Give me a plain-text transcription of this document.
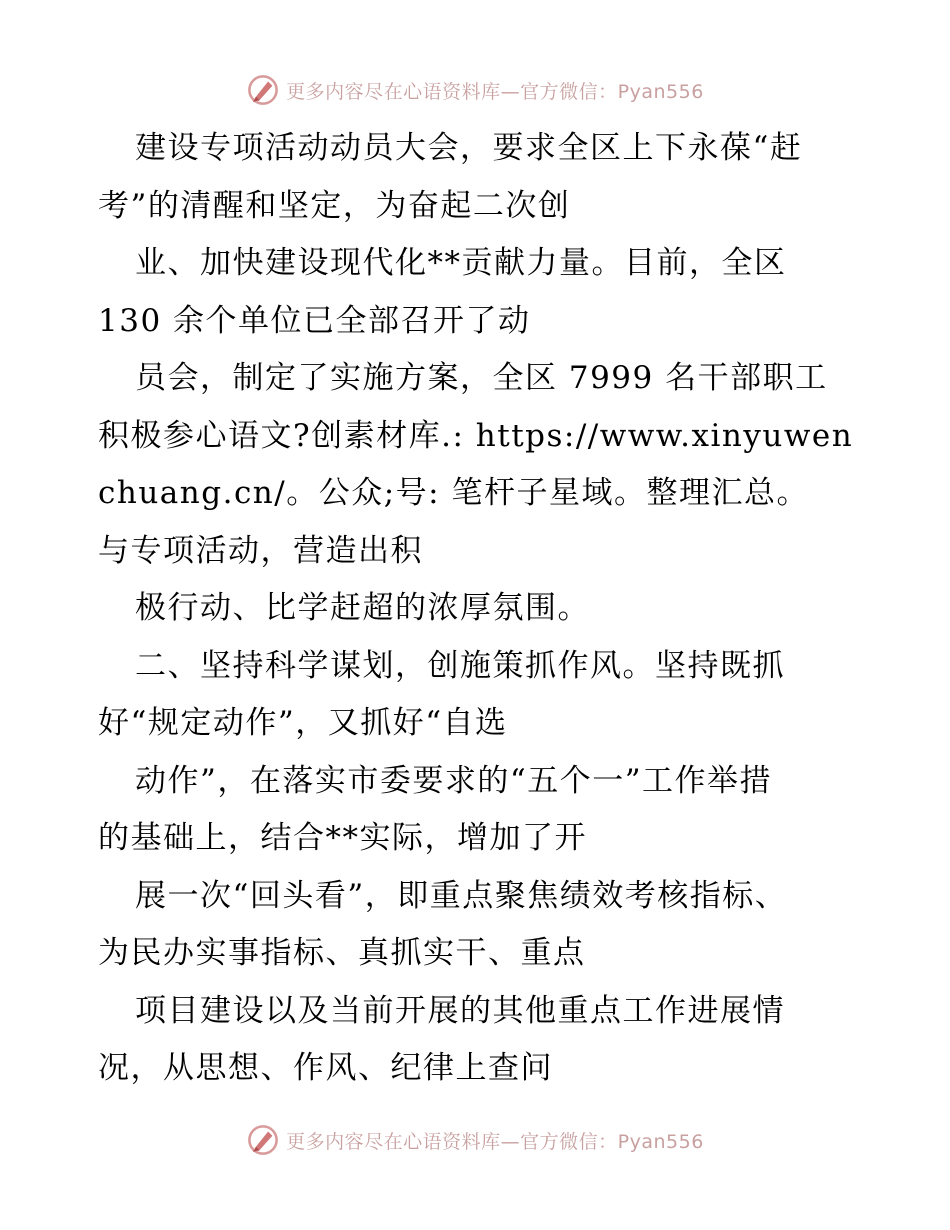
更多内容尽在心语资料库—官方微信：Pyan556
建设专项活动动员大会，要求全区上下永葆“赶
考”的清醒和坚定，为奋起二次创
业、加快建设现代化**贡献力量。目前，全区
130 余个单位已全部召开了动
员会，制定了实施方案，全区 7999 名干部职工
积极参心语文?创素材库.: https://www.xinyuwen
chuang.cn/。公众;号: 笔杆子星域。整理汇总。
与专项活动，营造出积
极行动、比学赶超的浓厚氛围。
二、坚持科学谋划，创施策抓作风。坚持既抓
好“规定动作”，又抓好“自选
动作”，在落实市委要求的“五个一”工作举措
的基础上，结合**实际，增加了开
展一次“回头看”，即重点聚焦绩效考核指标、
为民办实事指标、真抓实干、重点
项目建设以及当前开展的其他重点工作进展情
况，从思想、作风、纪律上查问
更多内容尽在心语资料库—官方微信：Pyan556
